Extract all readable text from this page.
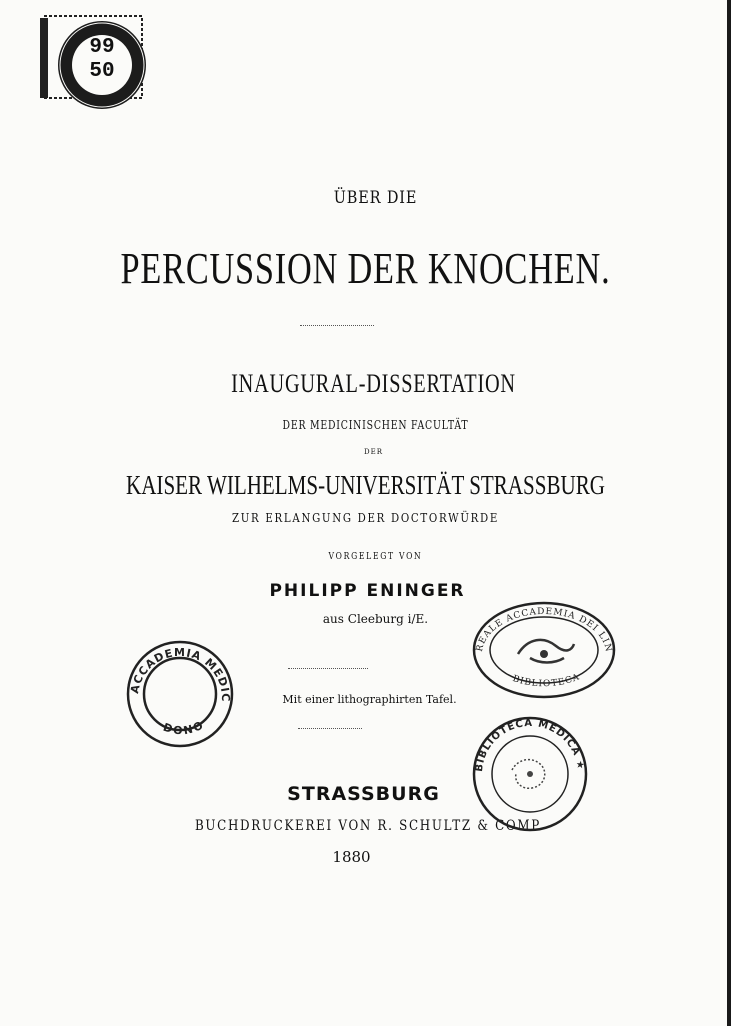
99
50
ÜBER DIE
PERCUSSION DER KNOCHEN.
INAUGURAL-DISSERTATION
DER MEDICINISCHEN FACULTÄT
DER
KAISER WILHELMS-UNIVERSITÄT STRASSBURG
ZUR ERLANGUNG DER DOCTORWÜRDE
VORGELEGT VON
PHILIPP ENINGER
aus Cleeburg i/E.
Mit einer lithographirten Tafel.
STRASSBURG
BUCHDRUCKEREI VON R. SCHULTZ & COMP.
1880
ACCADEMIA MEDIC
DONO
REALE ACCADEMIA DEI LIN
BIBLIOTECA
BIBLIOTECA MEDICA ★
